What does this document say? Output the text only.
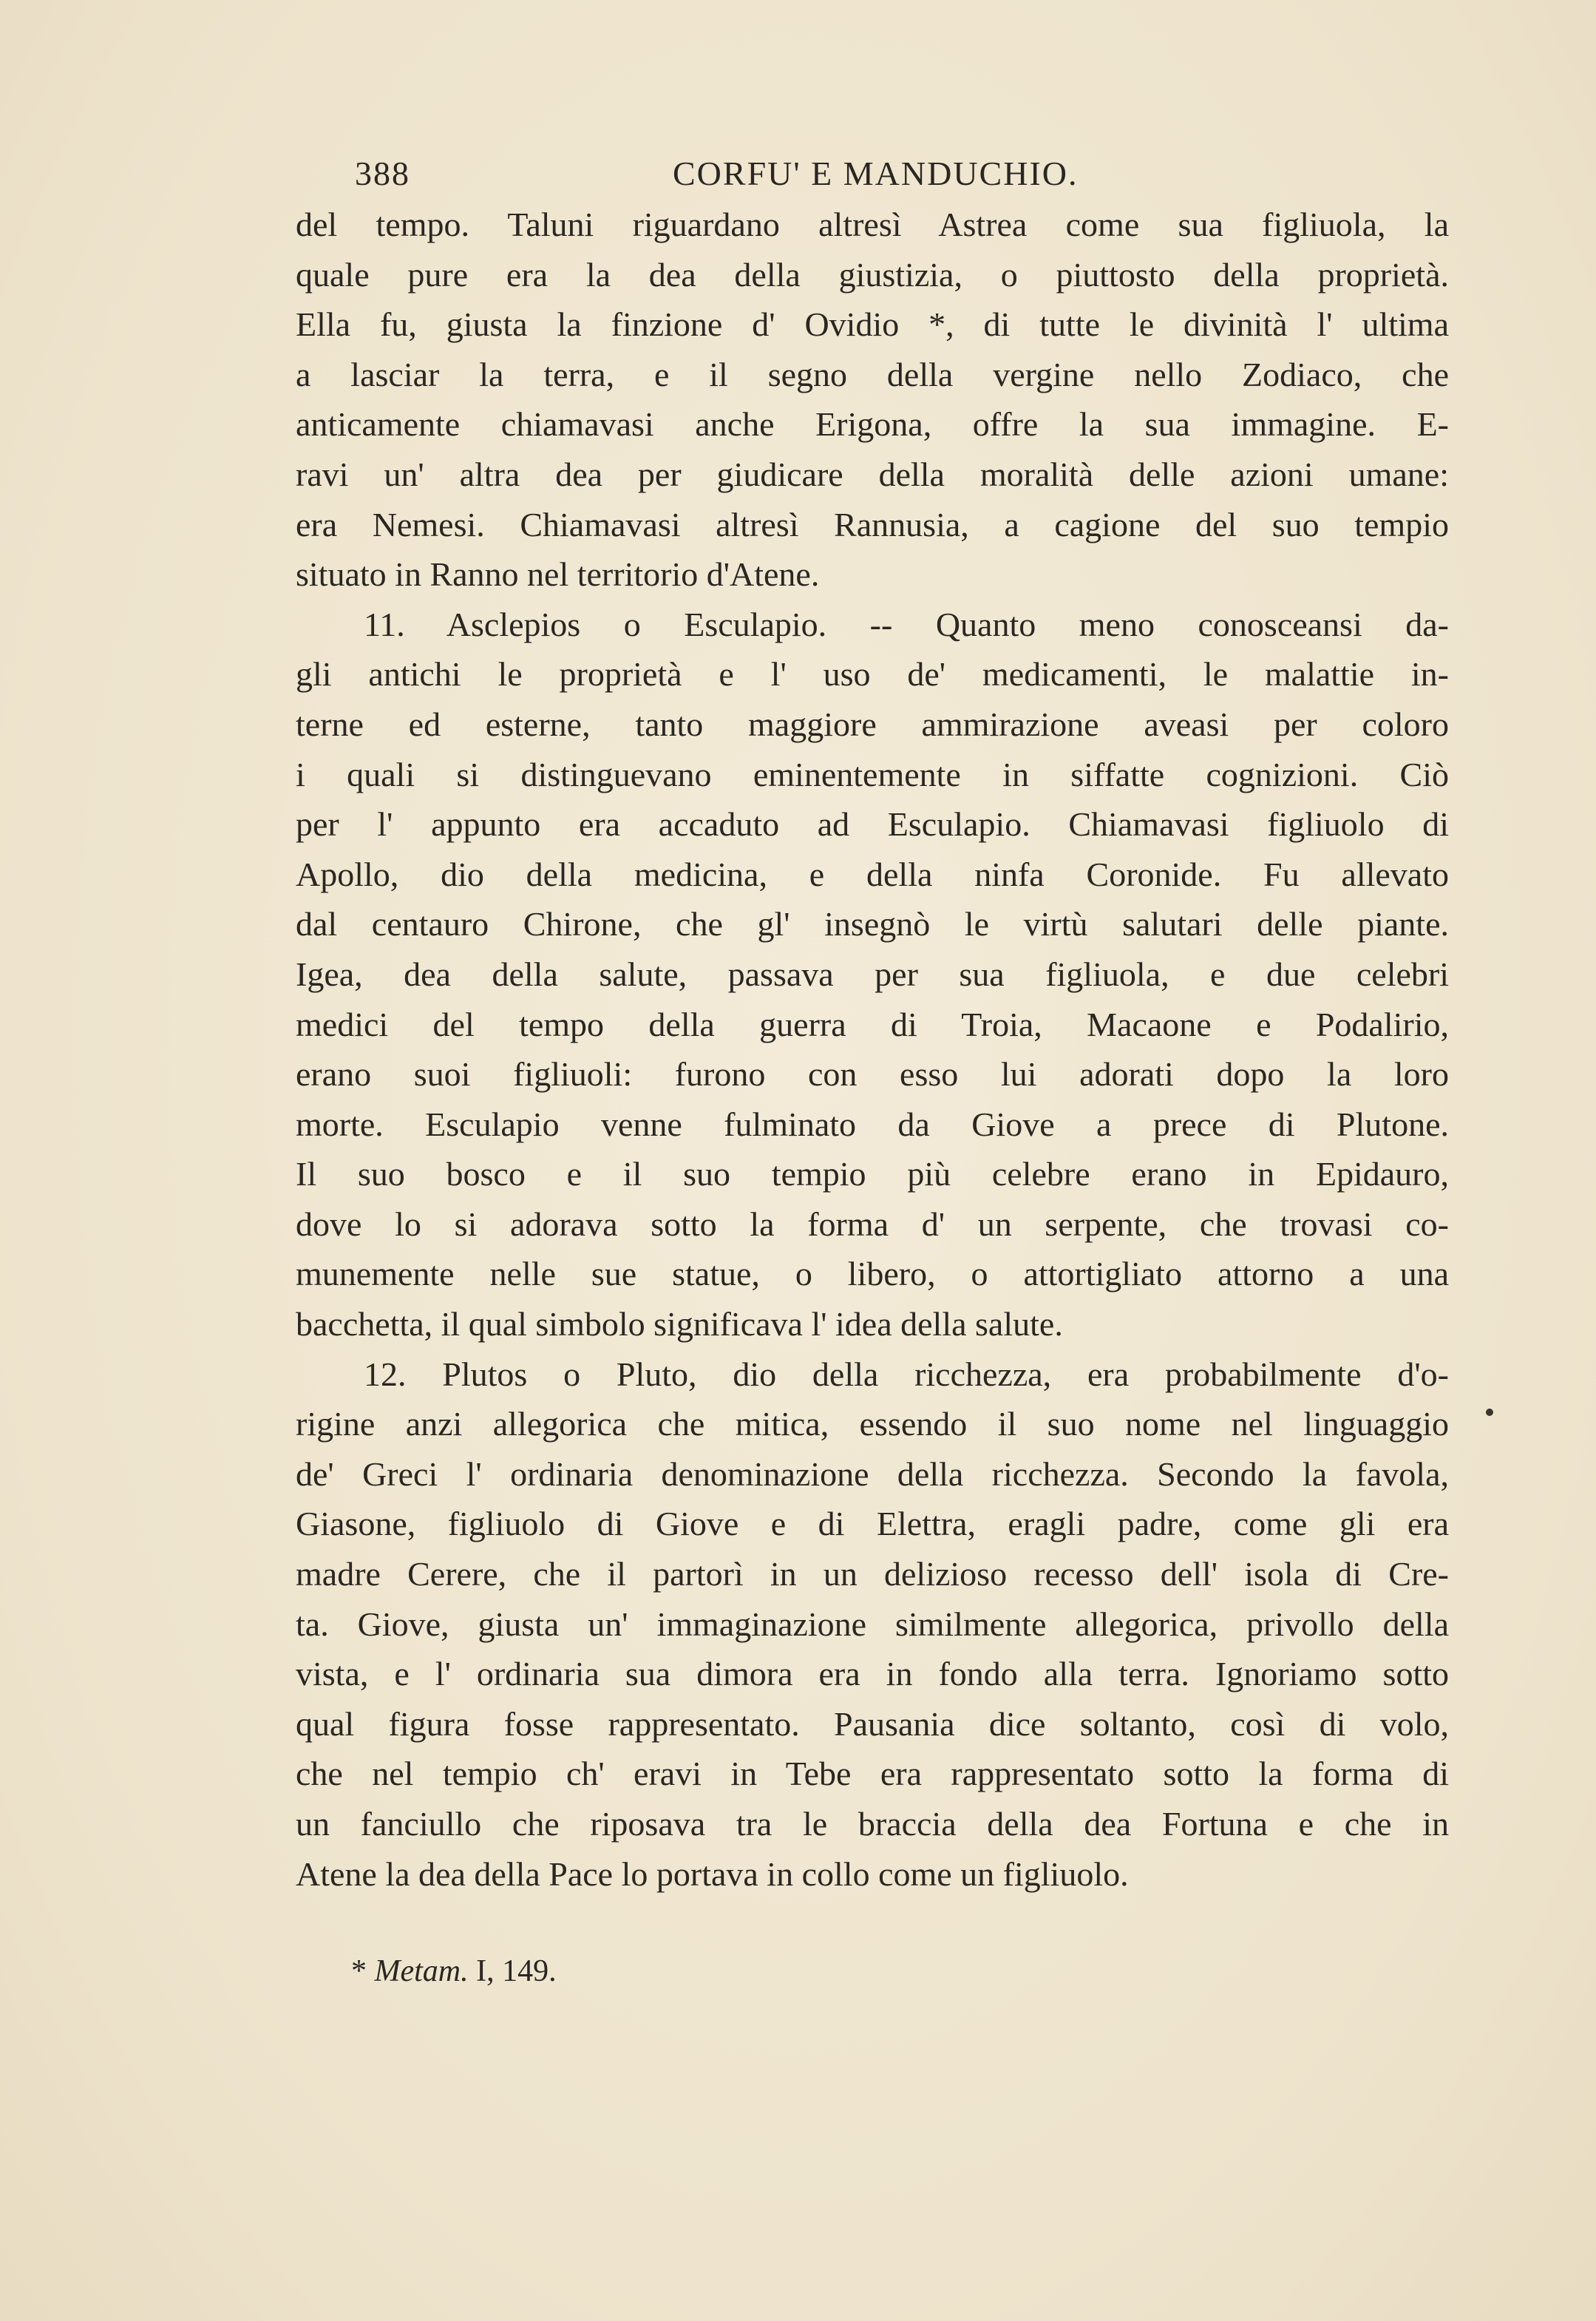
388	CORFU' E MANDUCHIO.
del tempo. Taluni riguardano altresì Astrea come sua figliuola, la
quale pure era la dea della giustizia, o piuttosto della proprietà.
Ella fu, giusta la finzione d' Ovidio *, di tutte le divinità l' ultima
a lasciar la terra, e il segno della vergine nello Zodiaco, che
anticamente chiamavasi anche Erigona, offre la sua immagine. E-
ravi un' altra dea per giudicare della moralità delle azioni umane:
era Nemesi. Chiamavasi altresì Rannusia, a cagione del suo tempio
situato in Ranno nel territorio d'Atene.
11. Asclepios o Esculapio. -- Quanto meno conosceansi da-
gli antichi le proprietà e l' uso de' medicamenti, le malattie in-
terne ed esterne, tanto maggiore ammirazione aveasi per coloro
i quali si distinguevano eminentemente in siffatte cognizioni. Ciò
per l' appunto era accaduto ad Esculapio. Chiamavasi figliuolo di
Apollo, dio della medicina, e della ninfa Coronide. Fu allevato
dal centauro Chirone, che gl' insegnò le virtù salutari delle piante.
Igea, dea della salute, passava per sua figliuola, e due celebri
medici del tempo della guerra di Troia, Macaone e Podalirio,
erano suoi figliuoli: furono con esso lui adorati dopo la loro
morte. Esculapio venne fulminato da Giove a prece di Plutone.
Il suo bosco e il suo tempio più celebre erano in Epidauro,
dove lo si adorava sotto la forma d' un serpente, che trovasi co-
munemente nelle sue statue, o libero, o attortigliato attorno a una
bacchetta, il qual simbolo significava l' idea della salute.
12. Plutos o Pluto, dio della ricchezza, era probabilmente d'o-
rigine anzi allegorica che mitica, essendo il suo nome nel linguaggio
de' Greci l' ordinaria denominazione della ricchezza. Secondo la favola,
Giasone, figliuolo di Giove e di Elettra, eragli padre, come gli era
madre Cerere, che il partorì in un delizioso recesso dell' isola di Cre-
ta. Giove, giusta un' immaginazione similmente allegorica, privollo della
vista, e l' ordinaria sua dimora era in fondo alla terra. Ignoriamo sotto
qual figura fosse rappresentato. Pausania dice soltanto, così di volo,
che nel tempio ch' eravi in Tebe era rappresentato sotto la forma di
un fanciullo che riposava tra le braccia della dea Fortuna e che in
Atene la dea della Pace lo portava in collo come un figliuolo.
* Metam. I, 149.
